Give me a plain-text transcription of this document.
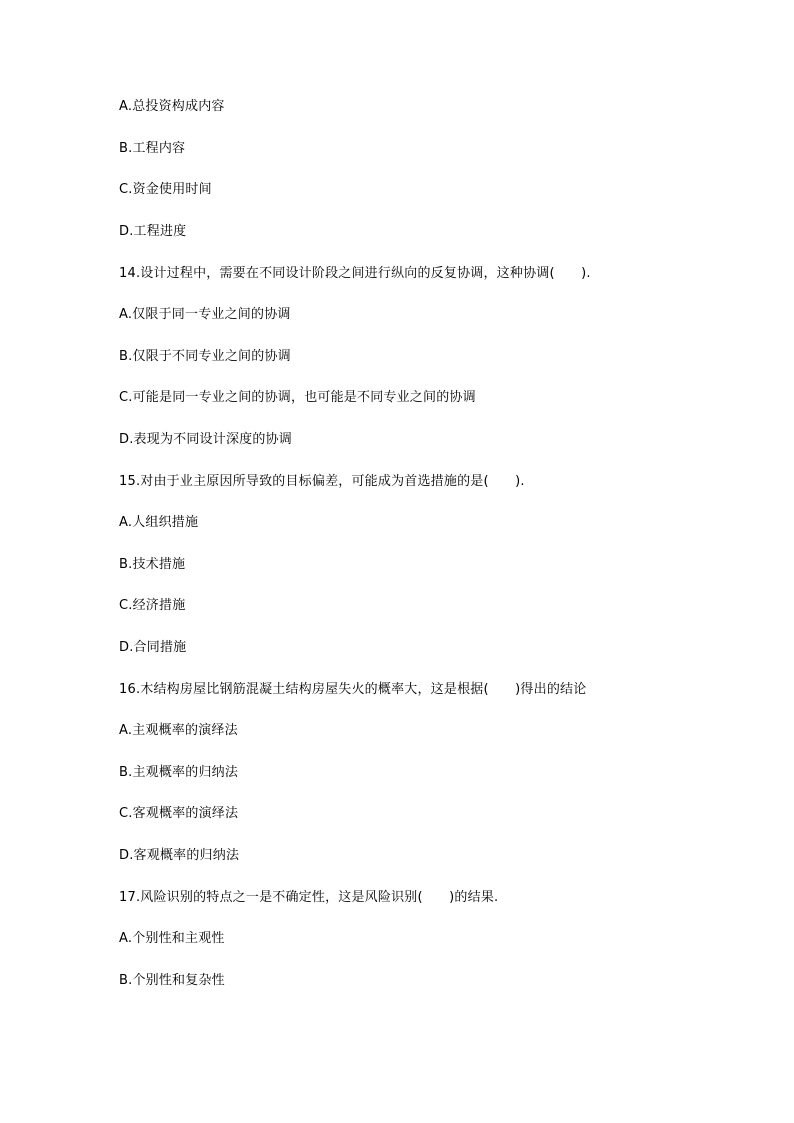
A.总投资构成内容
B.工程内容
C.资金使用时间
D.工程进度
14.设计过程中，需要在不同设计阶段之间进行纵向的反复协调，这种协调(　　).
A.仅限于同一专业之间的协调
B.仅限于不同专业之间的协调
C.可能是同一专业之间的协调，也可能是不同专业之间的协调
D.表现为不同设计深度的协调
15.对由于业主原因所导致的目标偏差，可能成为首选措施的是(　　).
A.人组织措施
B.技术措施
C.经济措施
D.合同措施
16.木结构房屋比钢筋混凝土结构房屋失火的概率大，这是根据(　　)得出的结论
A.主观概率的演绎法
B.主观概率的归纳法
C.客观概率的演绎法
D.客观概率的归纳法
17.风险识别的特点之一是不确定性，这是风险识别(　　)的结果.
A.个别性和主观性
B.个别性和复杂性
